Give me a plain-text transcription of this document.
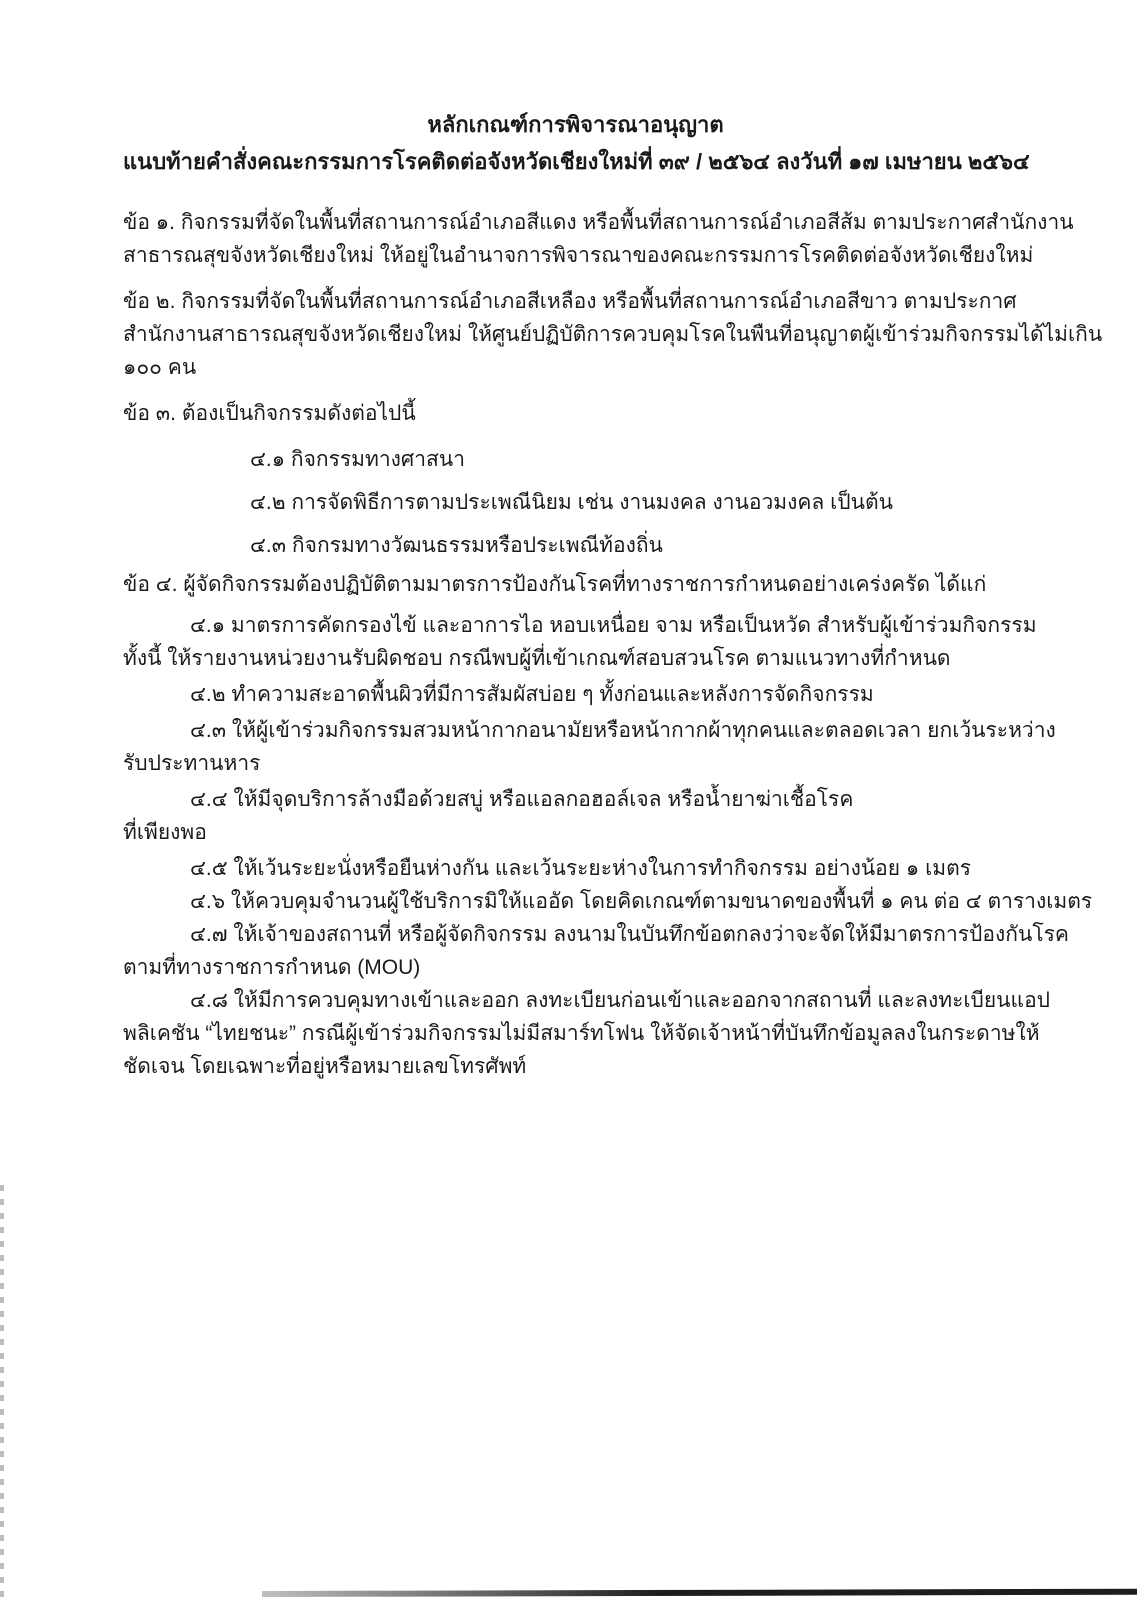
หลักเกณฑ์การพิจารณาอนุญาต
แนบท้ายคำสั่งคณะกรรมการโรคติดต่อจังหวัดเชียงใหม่ที่ ๓๙ / ๒๕๖๔ ลงวันที่ ๑๗ เมษายน ๒๕๖๔
ข้อ ๑. กิจกรรมที่จัดในพื้นที่สถานการณ์อำเภอสีแดง หรือพื้นที่สถานการณ์อำเภอสีส้ม ตามประกาศสำนักงาน
สาธารณสุขจังหวัดเชียงใหม่ ให้อยู่ในอำนาจการพิจารณาของคณะกรรมการโรคติดต่อจังหวัดเชียงใหม่
ข้อ ๒. กิจกรรมที่จัดในพื้นที่สถานการณ์อำเภอสีเหลือง หรือพื้นที่สถานการณ์อำเภอสีขาว ตามประกาศ
สำนักงานสาธารณสุขจังหวัดเชียงใหม่ ให้ศูนย์ปฏิบัติการควบคุมโรคในพืนที่อนุญาตผู้เข้าร่วมกิจกรรมได้ไม่เกิน
๑๐๐ คน
ข้อ ๓. ต้องเป็นกิจกรรมดังต่อไปนี้
๔.๑ กิจกรรมทางศาสนา
๔.๒ การจัดพิธีการตามประเพณีนิยม เช่น งานมงคล งานอวมงคล เป็นต้น
๔.๓ กิจกรมทางวัฒนธรรมหรือประเพณีท้องถิ่น
ข้อ ๔. ผู้จัดกิจกรรมต้องปฏิบัติตามมาตรการป้องกันโรคที่ทางราชการกำหนดอย่างเคร่งครัด ได้แก่
๔.๑ มาตรการคัดกรองไข้ และอาการไอ หอบเหนื่อย จาม หรือเป็นหวัด สำหรับผู้เข้าร่วมกิจกรรม
ทั้งนี้ ให้รายงานหน่วยงานรับผิดชอบ กรณีพบผู้ที่เข้าเกณฑ์สอบสวนโรค ตามแนวทางที่กำหนด
๔.๒ ทำความสะอาดพื้นผิวที่มีการสัมผัสบ่อย ๆ ทั้งก่อนและหลังการจัดกิจกรรม
๔.๓ ให้ผู้เข้าร่วมกิจกรรมสวมหน้ากากอนามัยหรือหน้ากากผ้าทุกคนและตลอดเวลา ยกเว้นระหว่าง
รับประทานหาร
๔.๔ ให้มีจุดบริการล้างมือด้วยสบู่ หรือแอลกอฮอล์เจล หรือน้ำยาฆ่าเชื้อโรค
ที่เพียงพอ
๔.๕ ให้เว้นระยะนั่งหรือยืนห่างกัน และเว้นระยะห่างในการทำกิจกรรม อย่างน้อย ๑ เมตร
๔.๖ ให้ควบคุมจำนวนผู้ใช้บริการมิให้แออัด โดยคิดเกณฑ์ตามขนาดของพื้นที่ ๑ คน ต่อ ๔ ตารางเมตร
๔.๗ ให้เจ้าของสถานที่ หรือผู้จัดกิจกรรม ลงนามในบันทึกข้อตกลงว่าจะจัดให้มีมาตรการป้องกันโรค
ตามที่ทางราชการกำหนด (MOU)
๔.๘ ให้มีการควบคุมทางเข้าและออก ลงทะเบียนก่อนเข้าและออกจากสถานที่ และลงทะเบียนแอป
พลิเคชัน “ไทยชนะ” กรณีผู้เข้าร่วมกิจกรรมไม่มีสมาร์ทโฟน ให้จัดเจ้าหน้าที่บันทึกข้อมูลลงในกระดาษให้
ชัดเจน โดยเฉพาะที่อยู่หรือหมายเลขโทรศัพท์
